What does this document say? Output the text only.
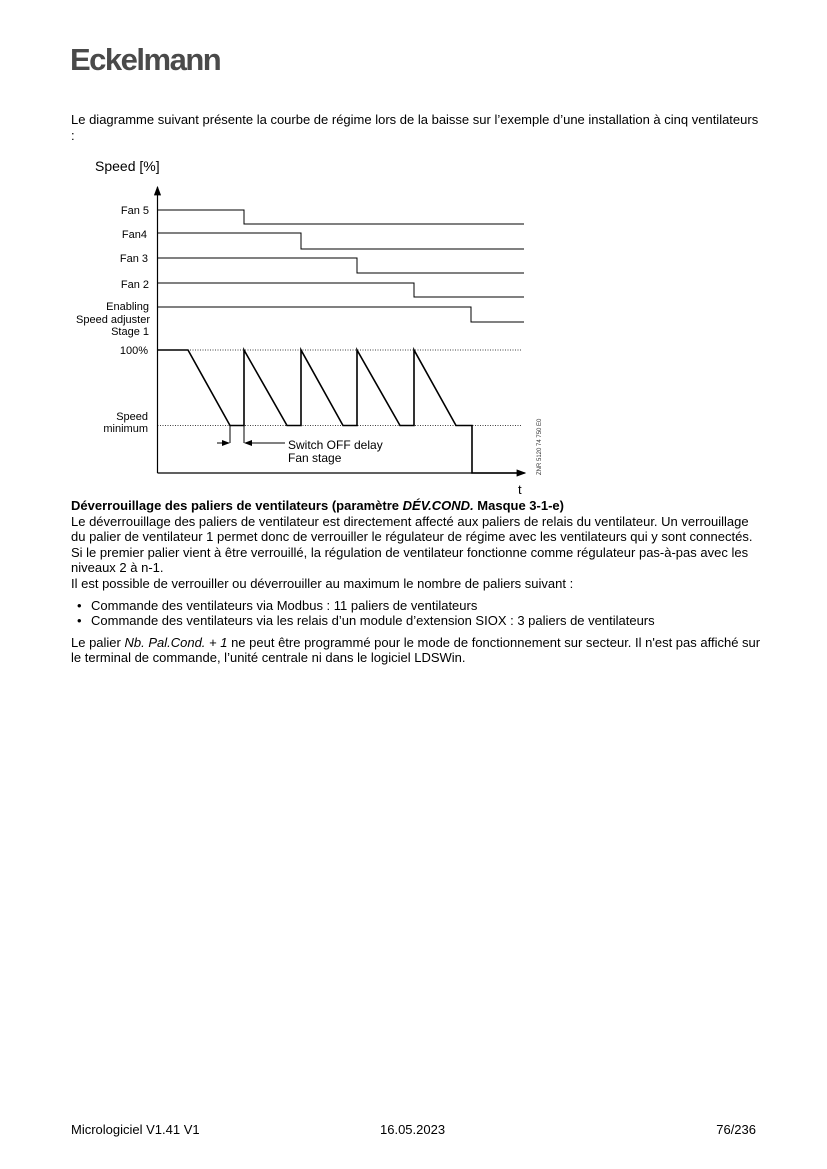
Eckelmann

Le diagramme suivant présente la courbe de régime lors de la baisse sur l’exemple d’une installation à cinq ventilateurs :

Speed [%]
t
Fan 5
Fan4
Fan 3
Fan 2
Enabling
Speed adjuster
Stage 1
100%
Speed
minimum
Switch OFF delay
Fan stage	ZNR 5120 74 750 E0
Déverrouillage des paliers de ventilateurs (paramètre DÉV.COND. Masque 3-1-e)
Le déverrouillage des paliers de ventilateur est directement affecté aux paliers de relais du ventilateur. Un verrouillage du palier de ventilateur 1 permet donc de verrouiller le régulateur de régime avec les ventilateurs qui y sont connectés. Si le premier palier vient à être verrouillé, la régulation de ventilateur fonctionne comme régulateur pas-à-pas avec les niveaux 2 à n-1.
Il est possible de verrouiller ou déverrouiller au maximum le nombre de paliers suivant :
• Commande des ventilateurs via Modbus : 11 paliers de ventilateurs
• Commande des ventilateurs via les relais d’un module d’extension SIOX : 3 paliers de ventilateurs
Le palier Nb. Pal.Cond. + 1 ne peut être programmé pour le mode de fonctionnement sur secteur. Il n'est pas affiché sur le terminal de commande, l’unité centrale ni dans le logiciel LDSWin.
Micrologiciel V1.41 V1	16.05.2023	76/236
